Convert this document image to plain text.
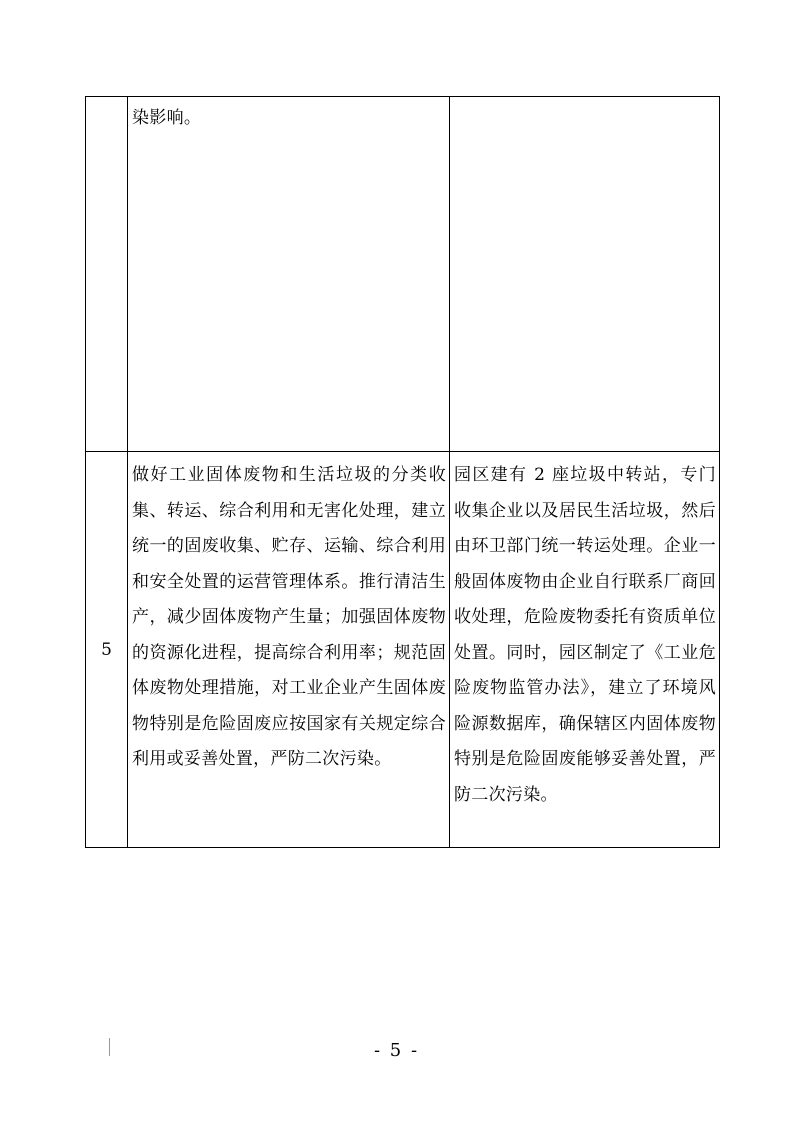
	染影响。	

5	做好工业固体废物和生活垃圾的分类收集、转运、综合利用和无害化处理，建立统一的固废收集、贮存、运输、综合利用和安全处置的运营管理体系。推行清洁生产，减少固体废物产生量；加强固体废物的资源化进程，提高综合利用率；规范固体废物处理措施，对工业企业产生固体废物特别是危险固废应按国家有关规定综合利用或妥善处置，严防二次污染。	园区建有 2 座垃圾中转站，专门收集企业以及居民生活垃圾，然后由环卫部门统一转运处理。企业一般固体废物由企业自行联系厂商回收处理，危险废物委托有资质单位处置。同时，园区制定了《工业危险废物监管办法》，建立了环境风险源数据库，确保辖区内固体废物特别是危险固废能够妥善处置，严防二次污染。
- 5 -
